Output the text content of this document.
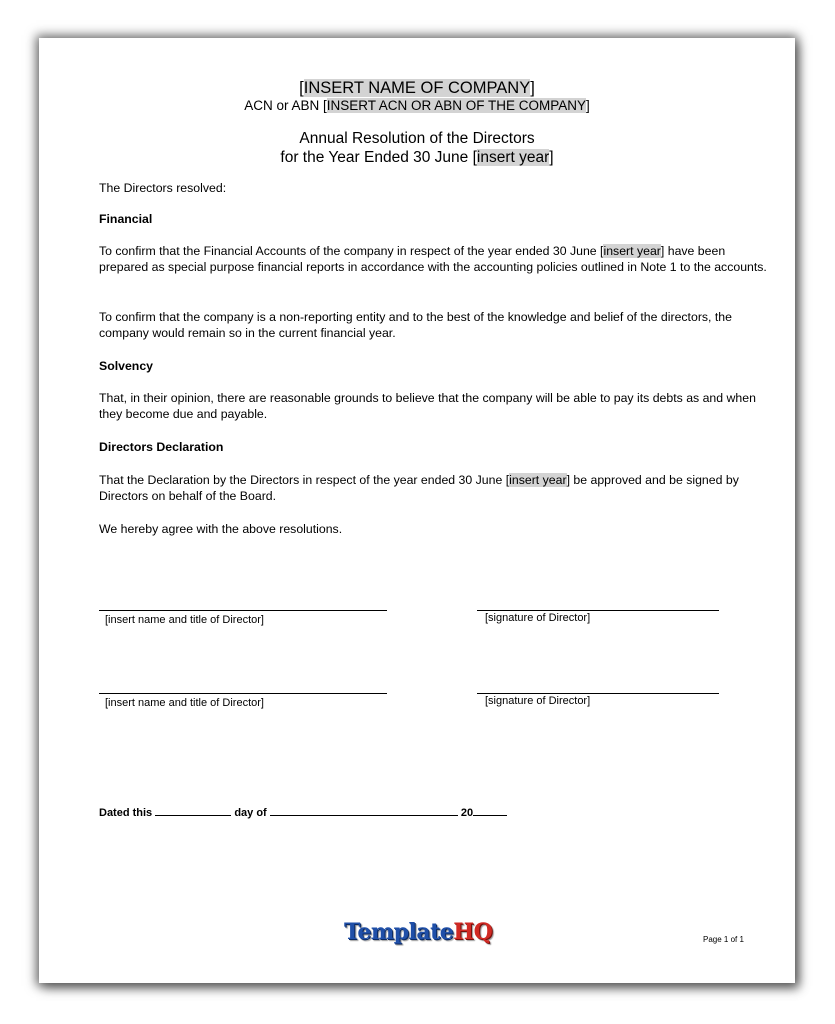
[INSERT NAME OF COMPANY]
ACN or ABN [INSERT ACN OR ABN OF THE COMPANY]
Annual Resolution of the Directors
for the Year Ended 30 June [insert year]

The Directors resolved:

Financial

To confirm that the Financial Accounts of the company in respect of the year ended 30 June [insert year] have been prepared as special purpose financial reports in accordance with the accounting policies outlined in Note 1 to the accounts.

To confirm that the company is a non-reporting entity and to the best of the knowledge and belief of the directors, the company would remain so in the current financial year.

Solvency

That, in their opinion, there are reasonable grounds to believe that the company will be able to pay its debts as and when they become due and payable.

Directors Declaration

That the Declaration by the Directors in respect of the year ended 30 June [insert year] be approved and be signed by Directors on behalf of the Board.

We hereby agree with the above resolutions.

[insert name and title of Director]	[signature of Director]
[insert name and title of Director]	[signature of Director]
Dated this	day of	20
TemplateHQ	Page 1 of 1
